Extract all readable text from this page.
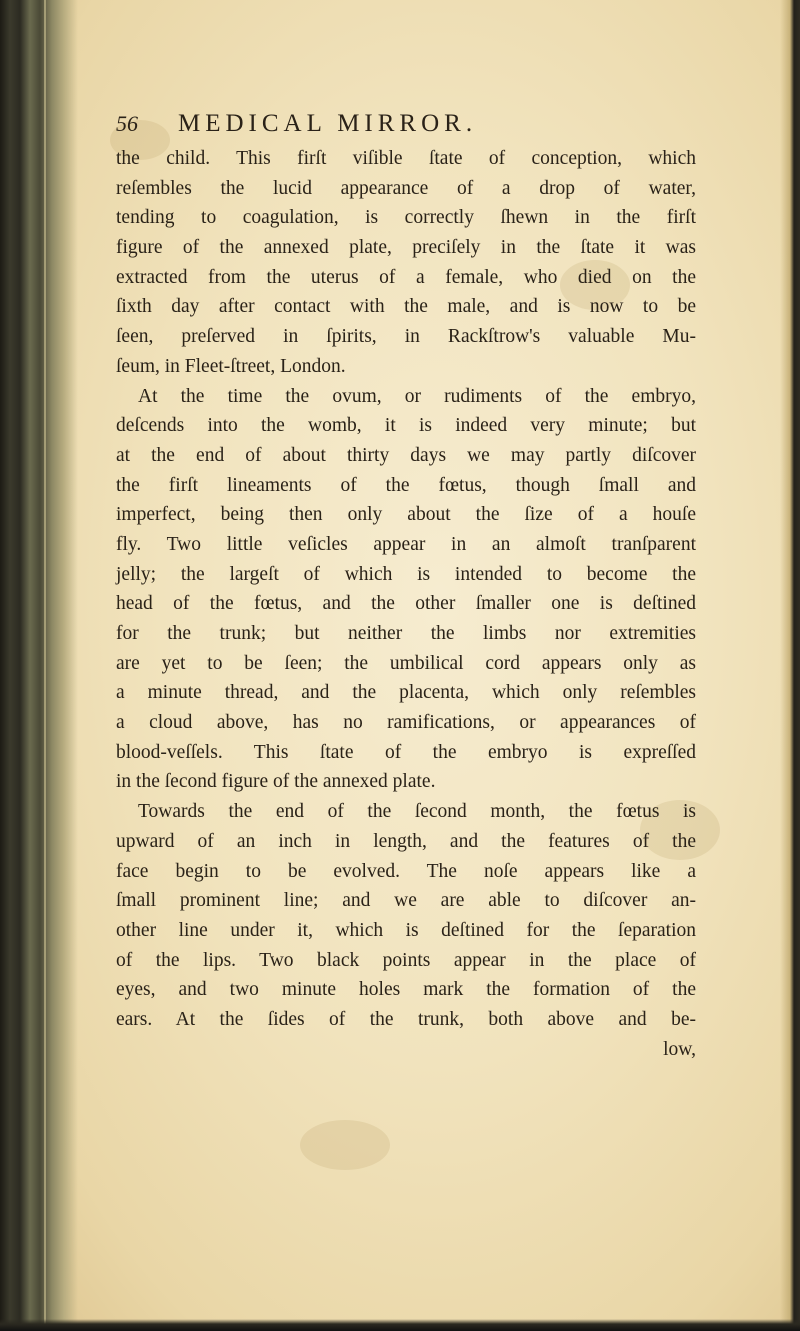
56 MEDICAL MIRROR.
the child. This firſt viſible ſtate of conception, which
reſembles the lucid appearance of a drop of water,
tending to coagulation, is correctly ſhewn in the firſt
figure of the annexed plate, preciſely in the ſtate it was
extracted from the uterus of a female, who died on the
ſixth day after contact with the male, and is now to be
ſeen, preſerved in ſpirits, in Rackſtrow's valuable Mu-
ſeum, in Fleet-ſtreet, London.
At the time the ovum, or rudiments of the embryo,
deſcends into the womb, it is indeed very minute; but
at the end of about thirty days we may partly diſcover
the firſt lineaments of the fœtus, though ſmall and
imperfect, being then only about the ſize of a houſe
fly. Two little veſicles appear in an almoſt tranſparent
jelly; the largeſt of which is intended to become the
head of the fœtus, and the other ſmaller one is deſtined
for the trunk; but neither the limbs nor extremities
are yet to be ſeen; the umbilical cord appears only as
a minute thread, and the placenta, which only reſembles
a cloud above, has no ramifications, or appearances of
blood-veſſels. This ſtate of the embryo is expreſſed
in the ſecond figure of the annexed plate.
Towards the end of the ſecond month, the fœtus is
upward of an inch in length, and the features of the
face begin to be evolved. The noſe appears like a
ſmall prominent line; and we are able to diſcover an-
other line under it, which is deſtined for the ſeparation
of the lips. Two black points appear in the place of
eyes, and two minute holes mark the formation of the
ears. At the ſides of the trunk, both above and be-
low,
